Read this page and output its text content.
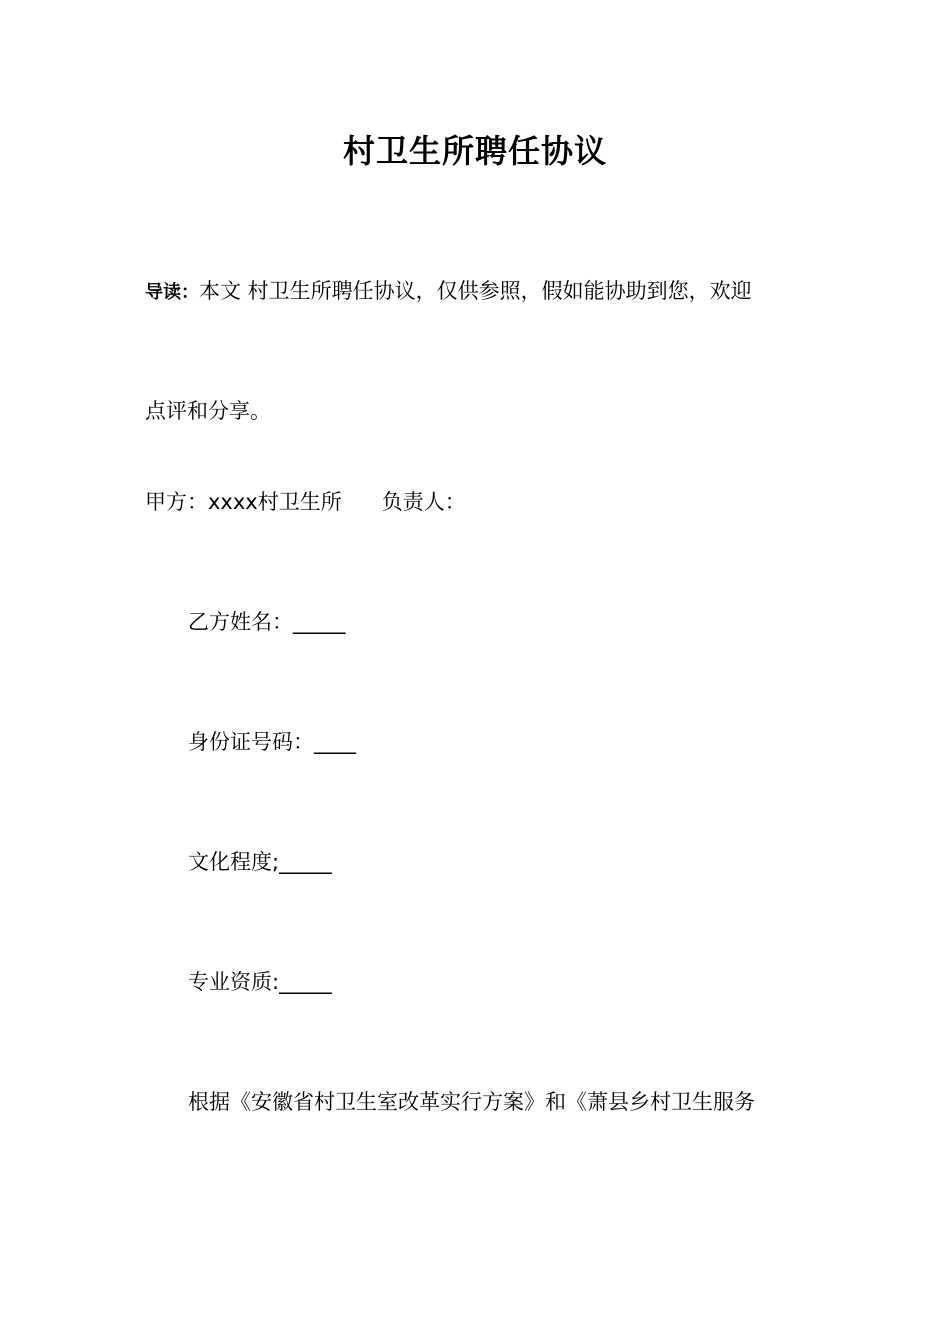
村卫生所聘任协议
导读：本文 村卫生所聘任协议，仅供参照，假如能协助到您，欢迎
点评和分享。
甲方：xxxx村卫生所 负责人：
乙方姓名：_____
身份证号码：____
文化程度;_____
专业资质:_____
根据《安徽省村卫生室改革实行方案》和《萧县乡村卫生服务
